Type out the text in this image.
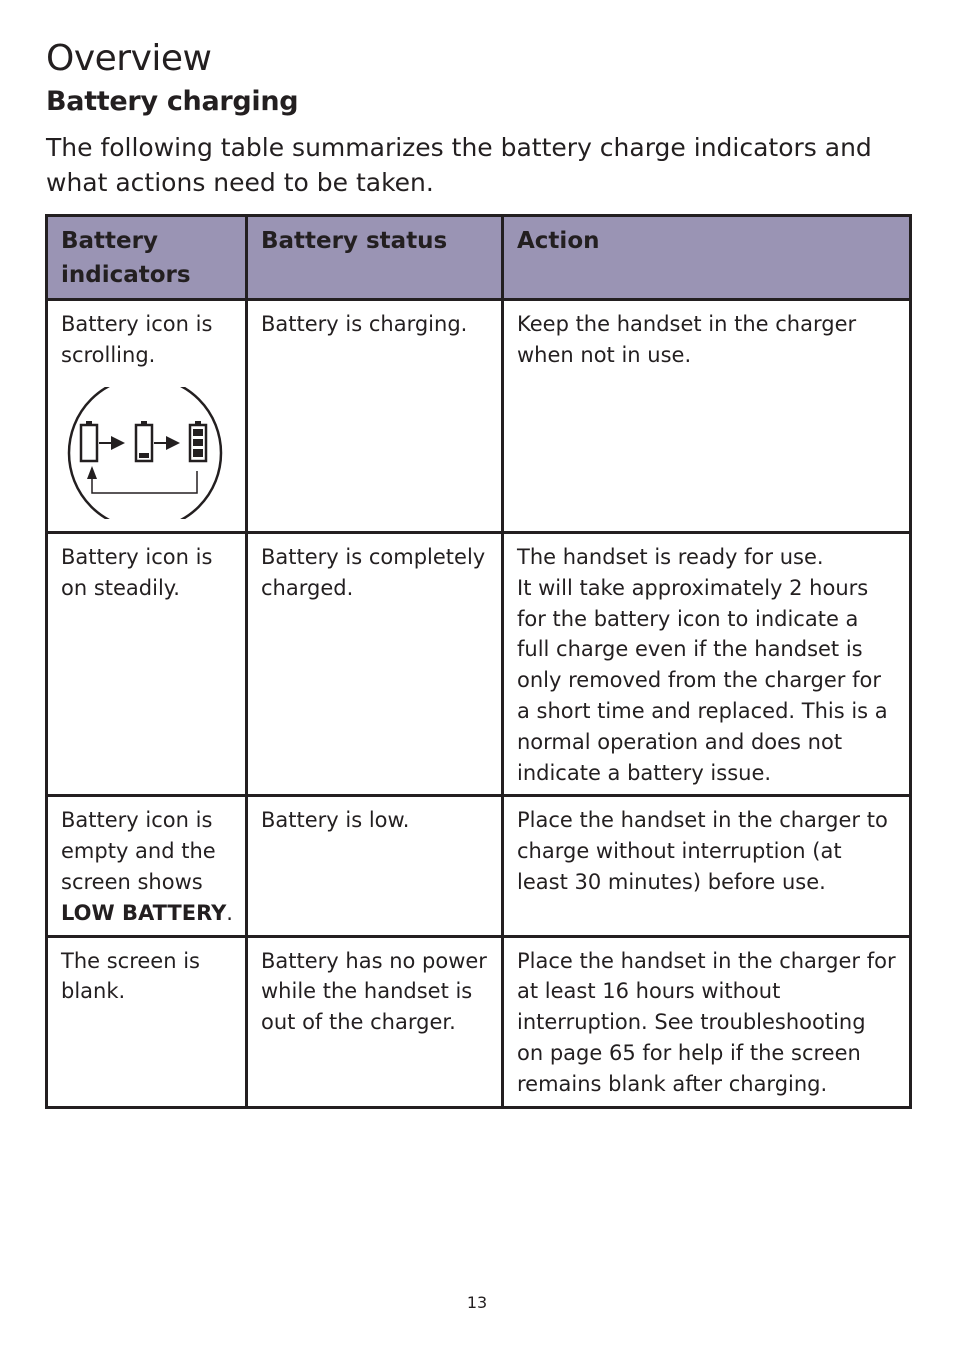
Overview
Battery charging

The following table summarizes the battery charge indicators and what actions need to be taken.

Battery indicators	Battery status	Action

Battery icon is scrolling.	Battery is charging.	Keep the handset in the charger when not in use.

Battery icon is on steadily.	Battery is completely charged.	The handset is ready for use.
It will take approximately 2 hours for the battery icon to indicate a full charge even if the handset is only removed from the charger for a short time and replaced. This is a normal operation and does not indicate a battery issue.

Battery icon is empty and the screen shows LOW BATTERY.	Battery is low.	Place the handset in the charger to charge without interruption (at least 30 minutes) before use.

The screen is blank.	Battery has no power while the handset is out of the charger.	Place the handset in the charger for at least 16 hours without interruption. See troubleshooting on page 65 for help if the screen remains blank after charging.
13
